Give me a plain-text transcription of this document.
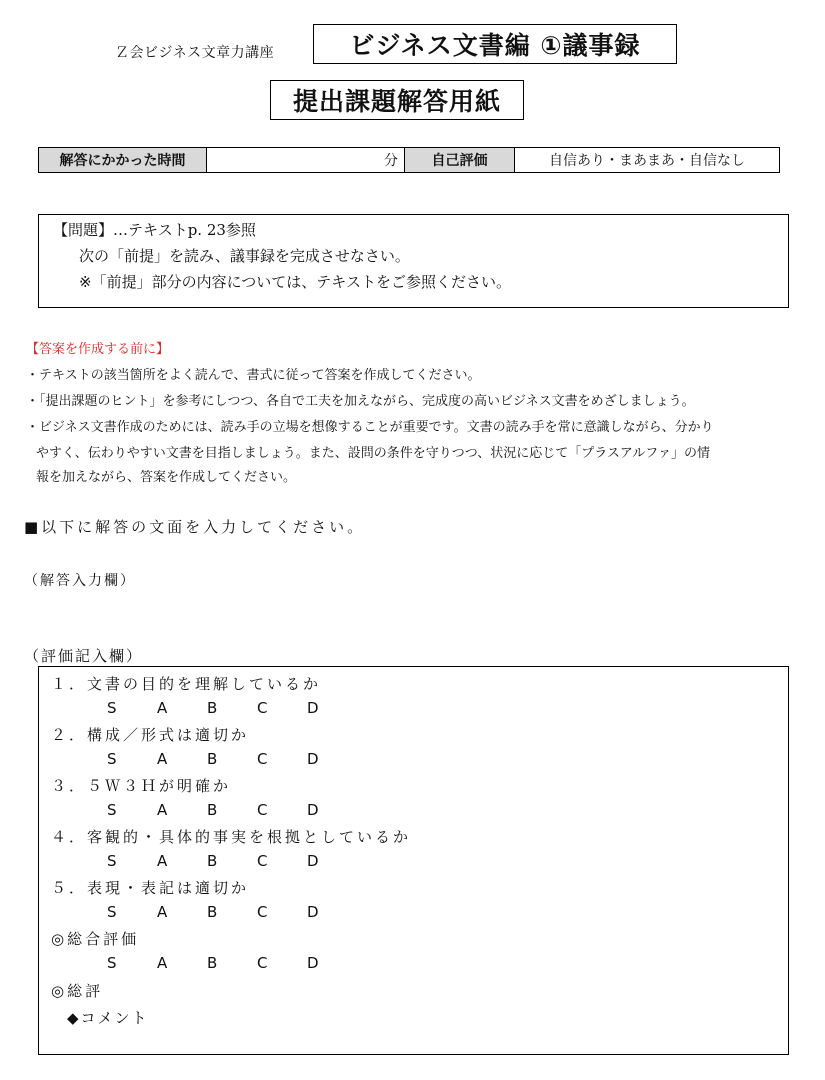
Ｚ会ビジネス文章力講座	ビジネス文書編 ①議事録
提出課題解答用紙
解答にかかった時間	分	自己評価	自信あり・まあまあ・自信なし
【問題】…テキストp. 23参照
次の「前提」を読み、議事録を完成させなさい。
※「前提」部分の内容については、テキストをご参照ください。
【答案を作成する前に】
・テキストの該当箇所をよく読んで、書式に従って答案を作成してください。
・「提出課題のヒント」を参考にしつつ、各自で工夫を加えながら、完成度の高いビジネス文書をめざしましょう。
・ビジネス文書作成のためには、読み手の立場を想像することが重要です。文書の読み手を常に意識しながら、分かり
やすく、伝わりやすい文書を目指しましょう。また、設問の条件を守りつつ、状況に応じて「プラスアルファ」の情
報を加えながら、答案を作成してください。
■以下に解答の文面を入力してください。
（解答入力欄）
（評価記入欄）
１．文書の目的を理解しているか
S	A	B	C	D
２．構成／形式は適切か
S	A	B	C	D
３．５Ｗ３Ｈが明確か
S	A	B	C	D
４．客観的・具体的事実を根拠としているか
S	A	B	C	D
５．表現・表記は適切か
S	A	B	C	D
◎総合評価
S	A	B	C	D
◎総評
◆コメント
